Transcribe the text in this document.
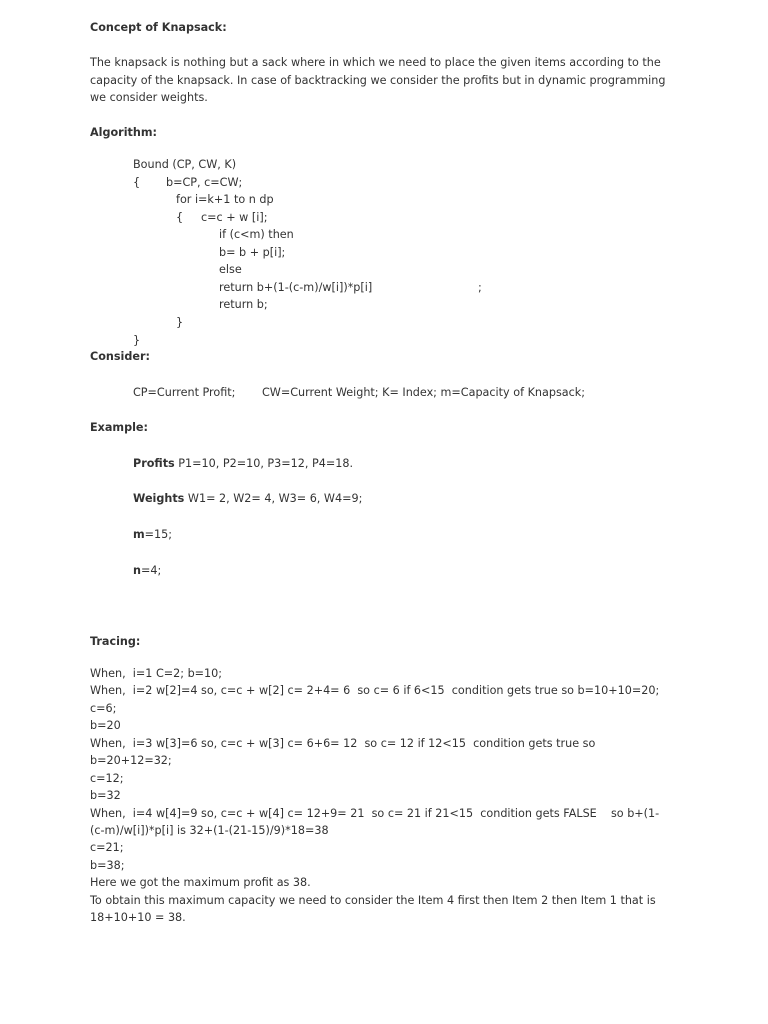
Concept of Knapsack:
The knapsack is nothing but a sack where in which we need to place the given items according to the
capacity of the knapsack. In case of backtracking we consider the profits but in dynamic programming
we consider weights.
Algorithm:
Bound (CP, CW, K)
{ b=CP, c=CW;
for i=k+1 to n dp
{ c=c + w [i];
if (c<m) then
b= b + p[i];
else
return b+(1-(c-m)/w[i])*p[i]	;
return b;
}
}
Consider:
CP=Current Profit; CW=Current Weight; K= Index; m=Capacity of Knapsack;
Example:
Profits P1=10, P2=10, P3=12, P4=18.
Weights W1= 2, W2= 4, W3= 6, W4=9;
m=15;
n=4;
Tracing:
When,  i=1 C=2; b=10;
When,  i=2 w[2]=4 so, c=c + w[2] c= 2+4= 6  so c= 6 if 6<15  condition gets true so b=10+10=20;
c=6;
b=20
When,  i=3 w[3]=6 so, c=c + w[3] c= 6+6= 12  so c= 12 if 12<15  condition gets true so
b=20+12=32;
c=12;
b=32
When,  i=4 w[4]=9 so, c=c + w[4] c= 12+9= 21  so c= 21 if 21<15  condition gets FALSE    so b+(1-
(c-m)/w[i])*p[i] is 32+(1-(21-15)/9)*18=38
c=21;
b=38;
Here we got the maximum profit as 38.
To obtain this maximum capacity we need to consider the Item 4 first then Item 2 then Item 1 that is
18+10+10 = 38.
